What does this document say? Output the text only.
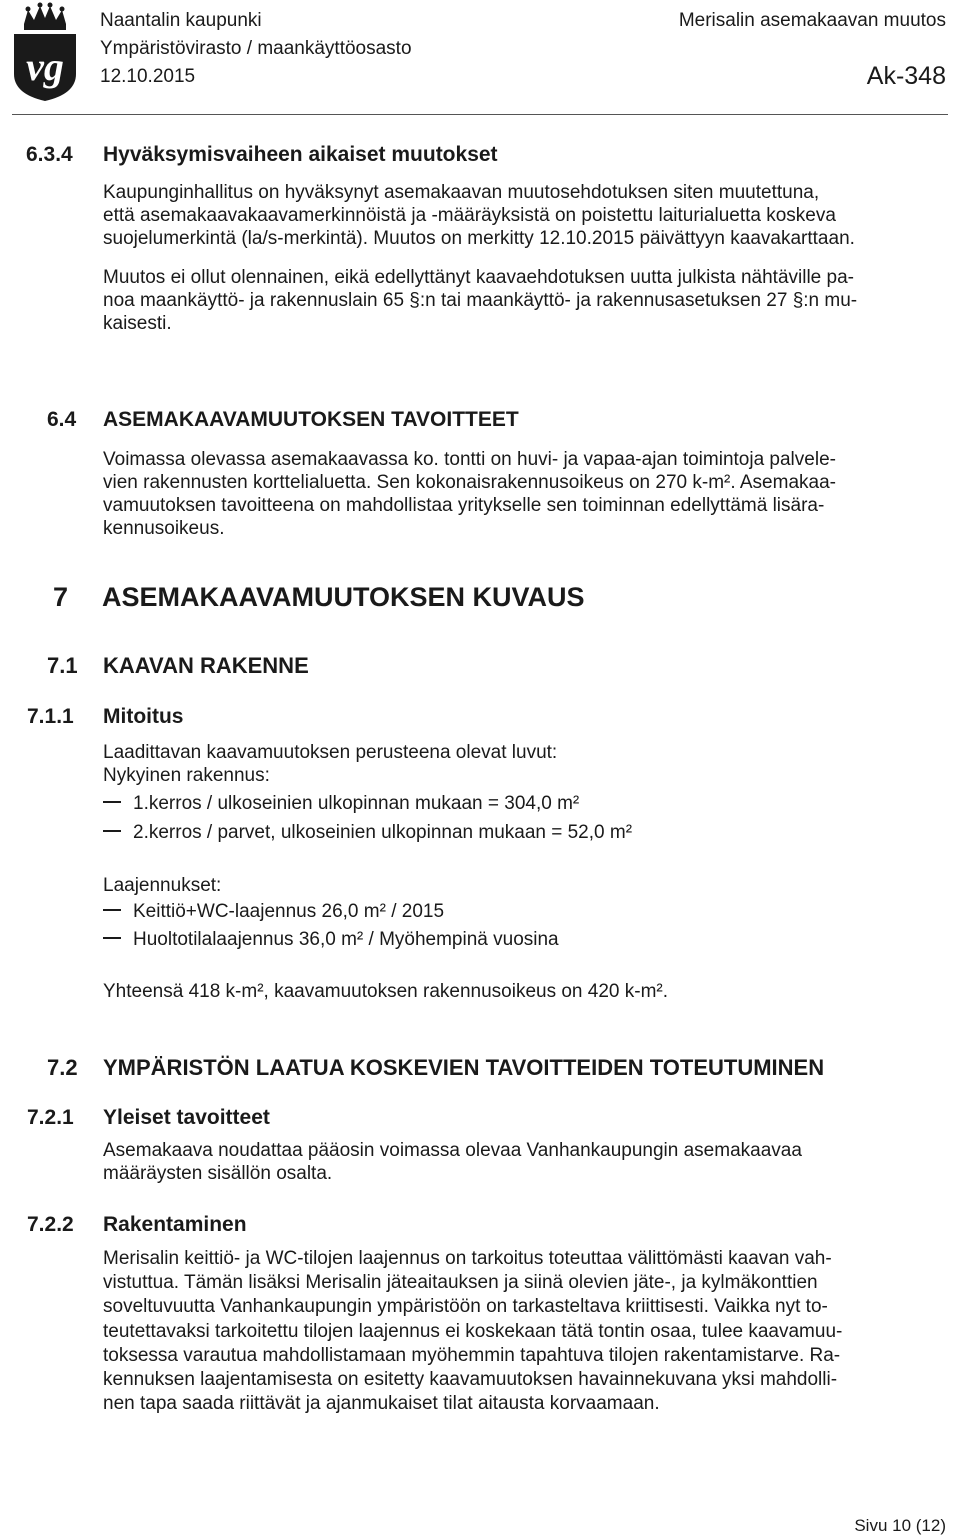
vg
Naantalin kaupunki
Ympäristövirasto / maankäyttöosasto
12.10.2015
Merisalin asemakaavan muutos
Ak-348
6.3.4 Hyväksymisvaiheen aikaiset muutokset
Kaupunginhallitus on hyväksynyt asemakaavan muutosehdotuksen siten muutettuna,
että asemakaavakaavamerkinnöistä ja -määräyksistä on poistettu laiturialuetta koskeva
suojelumerkintä (la/s-merkintä). Muutos on merkitty 12.10.2015 päivättyyn kaavakarttaan.
Muutos ei ollut olennainen, eikä edellyttänyt kaavaehdotuksen uutta julkista nähtäville pa-
noa maankäyttö- ja rakennuslain 65 §:n tai maankäyttö- ja rakennusasetuksen 27 §:n mu-
kaisesti.
6.4 ASEMAKAAVAMUUTOKSEN TAVOITTEET
Voimassa olevassa asemakaavassa ko. tontti on huvi- ja vapaa-ajan toimintoja palvele-
vien rakennusten korttelialuetta. Sen kokonaisrakennusoikeus on 270 k-m². Asemakaa-
vamuutoksen tavoitteena on mahdollistaa yritykselle sen toiminnan edellyttämä lisära-
kennusoikeus.
7 ASEMAKAAVAMUUTOKSEN KUVAUS
7.1 KAAVAN RAKENNE
7.1.1 Mitoitus
Laadittavan kaavamuutoksen perusteena olevat luvut:
Nykyinen rakennus:
1.kerros / ulkoseinien ulkopinnan mukaan = 304,0 m²
2.kerros / parvet, ulkoseinien ulkopinnan mukaan = 52,0 m²
Laajennukset:
Keittiö+WC-laajennus 26,0 m² / 2015
Huoltotilalaajennus 36,0 m² / Myöhempinä vuosina
Yhteensä 418 k-m², kaavamuutoksen rakennusoikeus on 420 k-m².
7.2 YMPÄRISTÖN LAATUA KOSKEVIEN TAVOITTEIDEN TOTEUTUMINEN
7.2.1 Yleiset tavoitteet
Asemakaava noudattaa pääosin voimassa olevaa Vanhankaupungin asemakaavaa
määräysten sisällön osalta.
7.2.2 Rakentaminen
Merisalin keittiö- ja WC-tilojen laajennus on tarkoitus toteuttaa välittömästi kaavan vah-
vistuttua. Tämän lisäksi Merisalin jäteaitauksen ja siinä olevien jäte-, ja kylmäkonttien
soveltuvuutta Vanhankaupungin ympäristöön on tarkasteltava kriittisesti. Vaikka nyt to-
teutettavaksi tarkoitettu tilojen laajennus ei koskekaan tätä tontin osaa, tulee kaavamuu-
toksessa varautua mahdollistamaan myöhemmin tapahtuva tilojen rakentamistarve. Ra-
kennuksen laajentamisesta on esitetty kaavamuutoksen havainnekuvana yksi mahdolli-
nen tapa saada riittävät ja ajanmukaiset tilat aitausta korvaamaan.
Sivu 10 (12)
